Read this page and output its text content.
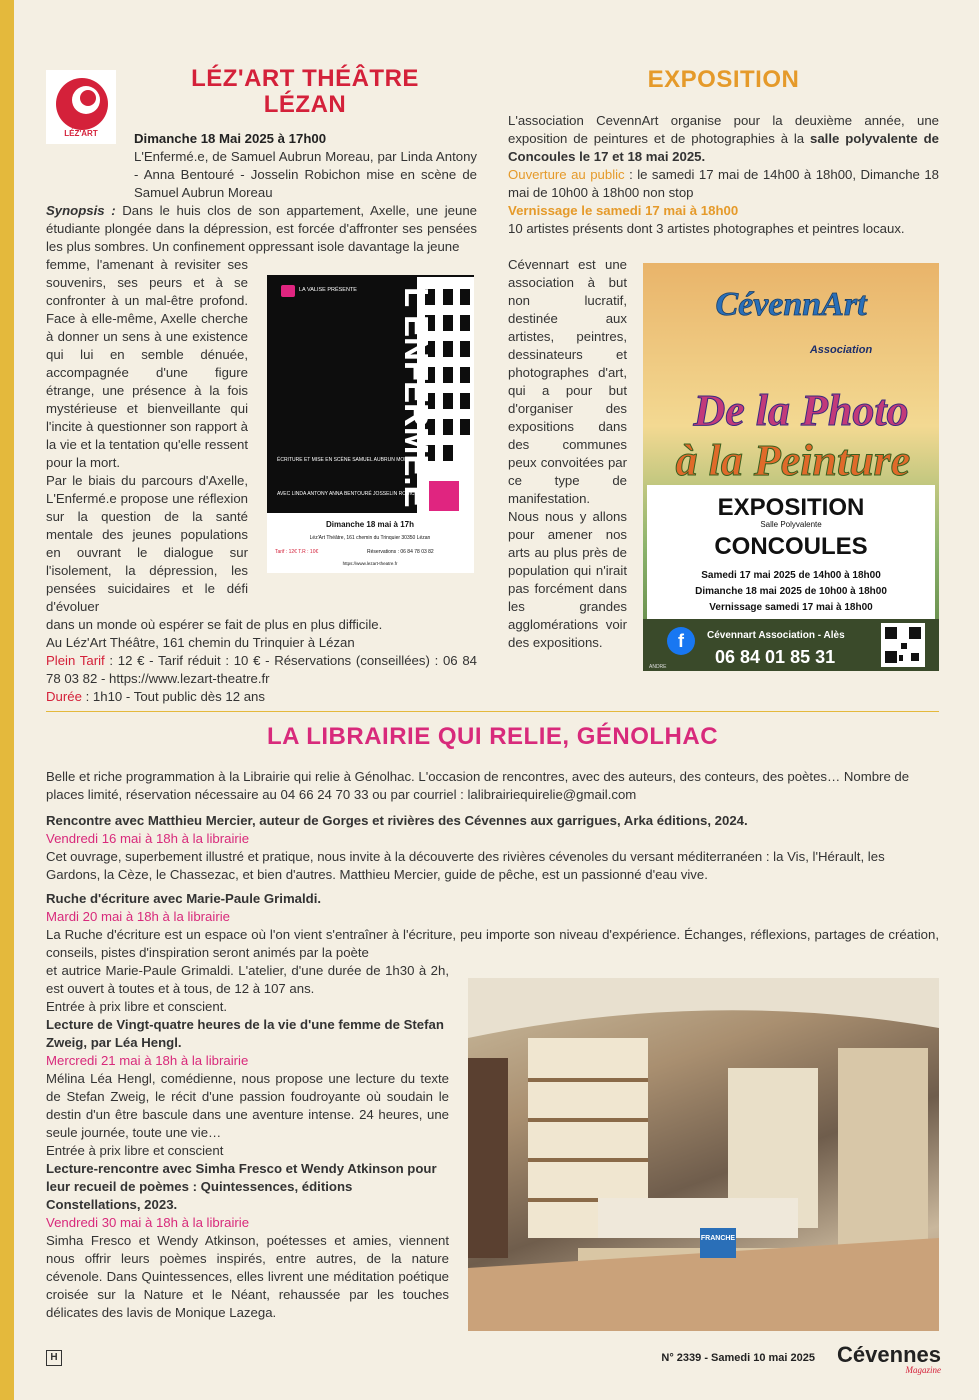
LÉZ'ART
LÉZ'ART THÉÂTRE
LÉZAN

Dimanche 18 Mai 2025 à 17h00

L'Enfermé.e, de Samuel Aubrun Moreau, par Linda Antony - Anna Bentouré - Josselin Robichon mise en scène de Samuel Aubrun Moreau

Synopsis : Dans le huis clos de son appartement, Axelle, une jeune étudiante plongée dans la dépression, est forcée d'affronter ses pensées les plus sombres. Un confinement oppressant isole davantage la jeune

femme, l'amenant à revisiter ses souvenirs, ses peurs et à se confronter à un mal-être profond. Face à elle-même, Axelle cherche à donner un sens à une existence qui lui en semble dénuée, accompagnée d'une figure étrange, une présence à la fois mystérieuse et bienveillante qui l'incite à questionner son rapport à la vie et la tentation qu'elle ressent pour la mort.

Par le biais du parcours d'Axelle, L'Enfermé.e propose une réflexion sur la question de la santé mentale des jeunes populations en ouvrant le dialogue sur l'isolement, la dépression, les pensées suicidaires et le défi d'évoluer

dans un monde où espérer se fait de plus en plus difficile.

Au Léz'Art Théâtre, 161 chemin du Trinquier à Lézan

Plein Tarif : 12 € - Tarif réduit : 10 € - Réservations (conseillées) : 06 84 78 03 82 - https://www.lezart-theatre.fr

Durée : 1h10 - Tout public dès 12 ans

LA VALISE PRÉSENTE L'ENFERMÉ.E
ÉCRITURE ET MISE EN SCÈNE SAMUEL AUBRUN MOREAU
AVEC LINDA ANTONY ANNA BENTOURÉ JOSSELIN ROBICHON
Dimanche 18 mai à 17h
Léz'Art Théâtre, 161 chemin du Trinquier 30350 Lézan
Tarif : 12€ T.R : 10€	Réservations : 06 84 78 03 82
https://www.lezart-theatre.fr
EXPOSITION

L'association CevennArt organise pour la deuxième année, une exposition de peintures et de photographies à la salle polyvalente de Concoules le 17 et 18 mai 2025.

Ouverture au public : le samedi 17 mai de 14h00 à 18h00, Dimanche 18 mai de 10h00 à 18h00 non stop

Vernissage le samedi 17 mai à 18h00

10 artistes présents dont 3 artistes photographes et peintres locaux.

Cévennart est une association à but non lucratif, destinée aux artistes, peintres, dessinateurs et photographes d'art, qui a pour but d'organiser des expositions dans des communes peux convoitées par ce type de manifestation.

Nous nous y allons pour amener nos arts au plus près de population qui n'irait pas forcément dans les grandes agglomérations voir des expositions.

CévennArt
Association
De la Photo
à la Peinture
EXPOSITION
Salle Polyvalente
CONCOULES
Samedi 17 mai 2025 de 14h00 à 18h00
Dimanche 18 mai 2025 de 10h00 à 18h00
Vernissage samedi 17 mai à 18h00
f Cévennart Association - Alès
06 84 01 85 31
ANDRE
LA LIBRAIRIE QUI RELIE, GÉNOLHAC

Belle et riche programmation à la Librairie qui relie à Génolhac. L'occasion de rencontres, avec des auteurs, des conteurs, des poètes… Nombre de places limité, réservation nécessaire au 04 66 24 70 33 ou par courriel : lalibrairiequirelie@gmail.com

Rencontre avec Matthieu Mercier, auteur de Gorges et rivières des Cévennes aux garrigues, Arka éditions, 2024.

Vendredi 16 mai à 18h à la librairie

Cet ouvrage, superbement illustré et pratique, nous invite à la découverte des rivières cévenoles du versant méditerranéen : la Vis, l'Hérault, les Gardons, la Cèze, le Chassezac, et bien d'autres. Matthieu Mercier, guide de pêche, est un passionné d'eau vive.

Ruche d'écriture avec Marie-Paule Grimaldi.

Mardi 20 mai à 18h à la librairie

La Ruche d'écriture est un espace où l'on vient s'entraîner à l'écriture, peu importe son niveau d'expérience. Échanges, réflexions, partages de création, conseils, pistes d'inspiration seront animés par la poète

et autrice Marie-Paule Grimaldi. L'atelier, d'une durée de 1h30 à 2h, est ouvert à toutes et à tous, de 12 à 107 ans.

Entrée à prix libre et conscient.

Lecture de Vingt-quatre heures de la vie d'une femme de Stefan Zweig, par Léa Hengl.

Mercredi 21 mai à 18h à la librairie

Mélina Léa Hengl, comédienne, nous propose une lecture du texte de Stefan Zweig, le récit d'une passion foudroyante où soudain le destin d'un être bascule dans une aventure intense. 24 heures, une seule journée, toute une vie…

Entrée à prix libre et conscient

Lecture-rencontre avec Simha Fresco et Wendy Atkinson pour leur recueil de poèmes : Quintessences, éditions Constellations, 2023.

Vendredi 30 mai à 18h à la librairie

Simha Fresco et Wendy Atkinson, poétesses et amies, viennent nous offrir leurs poèmes inspirés, entre autres, de la nature cévenole. Dans Quintessences, elles livrent une méditation poétique croisée sur la Nature et le Néant, rehaussée par les touches délicates des lavis de Monique Lazega.

FRANCHE
H	N° 2339 - Samedi 10 mai 2025	Cévennes
Magazine
